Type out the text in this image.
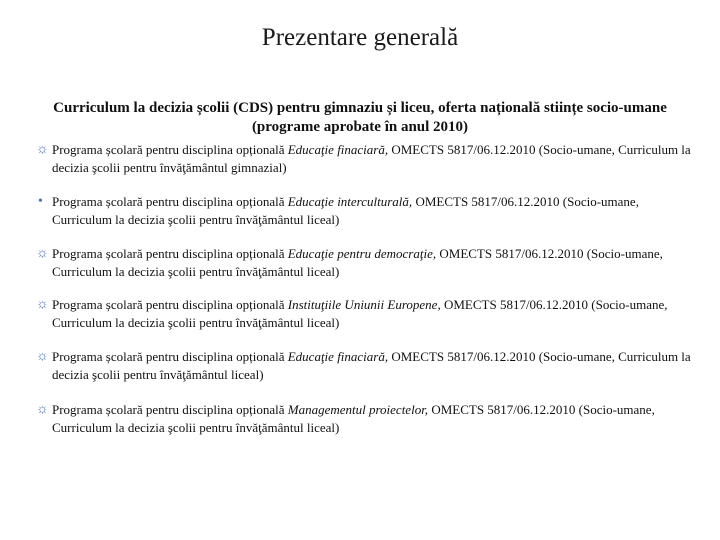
Prezentare generală
Curriculum la decizia școlii (CDS) pentru gimnaziu și liceu, oferta națională stiințe socio-umane (programe aprobate în anul 2010)
☼ Programa școlară pentru disciplina opțională Educaţie finaciară, OMECTS 5817/06.12.2010 (Socio-umane, Curriculum la decizia şcolii pentru învăţământul gimnazial)
• Programa școlară pentru disciplina opțională Educaţie interculturală, OMECTS 5817/06.12.2010 (Socio-umane, Curriculum la decizia şcolii pentru învăţământul liceal)
☼ Programa școlară pentru disciplina opțională Educaţie pentru democraţie, OMECTS 5817/06.12.2010 (Socio-umane, Curriculum la decizia şcolii pentru învăţământul liceal)
☼ Programa școlară pentru disciplina opțională Instituţiile Uniunii Europene, OMECTS 5817/06.12.2010 (Socio-umane, Curriculum la decizia şcolii pentru învăţământul liceal)
☼ Programa școlară pentru disciplina opțională Educaţie finaciară, OMECTS 5817/06.12.2010 (Socio-umane, Curriculum la decizia şcolii pentru învăţământul liceal)
☼ Programa școlară pentru disciplina opțională Managementul proiectelor, OMECTS 5817/06.12.2010 (Socio-umane, Curriculum la decizia şcolii pentru învăţământul liceal)
